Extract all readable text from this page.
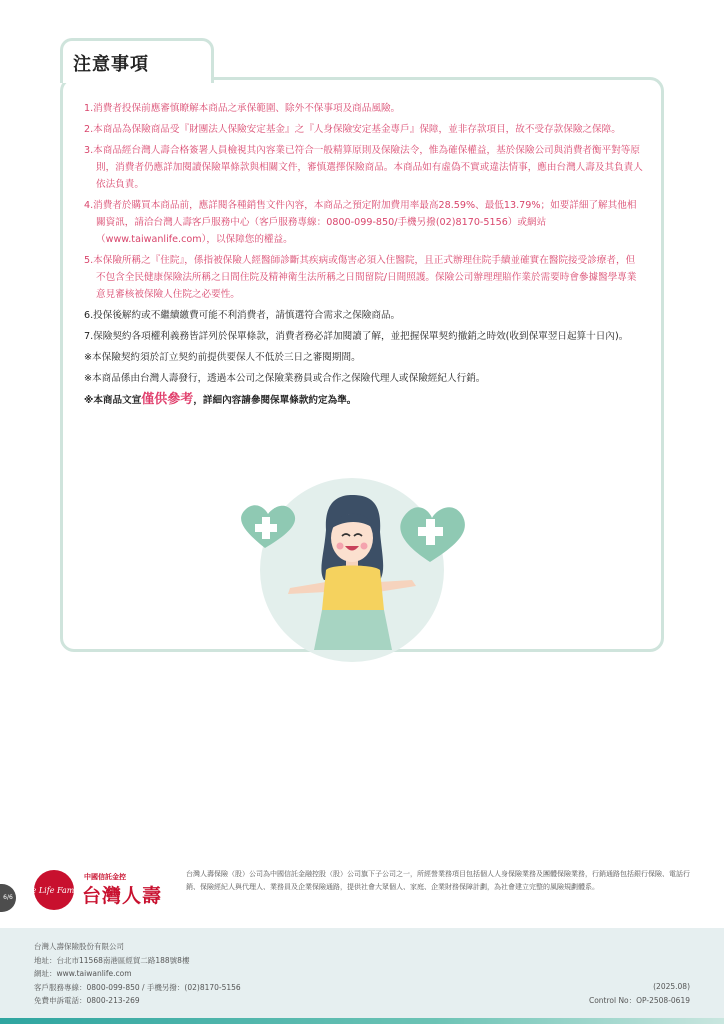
注意事項

1.消費者投保前應審慎瞭解本商品之承保範圍、除外不保事項及商品風險。

2.本商品為保險商品受『財團法人保險安定基金』之『人身保險安定基金專戶』保障，並非存款項目，故不受存款保險之保障。

3.本商品經台灣人壽合格簽署人員檢視其內容業已符合一般精算原則及保險法令，惟為確保權益，基於保險公司與消費者衡平對等原則，消費者仍應詳加閱讀保險單條款與相關文件，審慎選擇保險商品。本商品如有虛偽不實或違法情事，應由台灣人壽及其負責人依法負責。

4.消費者於購買本商品前，應詳閱各種銷售文件內容，本商品之預定附加費用率最高28.59%、最低13.79%；如要詳細了解其他相關資訊，請洽台灣人壽客戶服務中心（客戶服務專線：0800-099-850/手機另撥(02)8170-5156）或網站（www.taiwanlife.com），以保障您的權益。

5.本保險所稱之『住院』，係指被保險人經醫師診斷其疾病或傷害必須入住醫院，且正式辦理住院手續並確實在醫院接受診療者，但不包含全民健康保險法所稱之日間住院及精神衛生法所稱之日間留院/日間照護。保險公司辦理理賠作業於需要時會參據醫學專業意見審核被保險人住院之必要性。

6.投保後解約或不繼續繳費可能不利消費者，請慎選符合需求之保險商品。

7.保險契約各項權利義務皆詳列於保單條款，消費者務必詳加閱讀了解，並把握保單契約撤銷之時效(收到保單翌日起算十日內)。

※本保險契約須於訂立契約前提供要保人不低於三日之審閱期間。

※本商品係由台灣人壽發行，透過本公司之保險業務員或合作之保險代理人或保險經紀人行銷。

※本商品文宣僅供參考，詳細內容請參閱保單條款約定為準。

6/6
We Life Family
中國信託金控
台灣人壽
台灣人壽保險（股）公司為中國信託金融控股（股）公司旗下子公司之一，所經營業務項目包括個人人身保險業務及團體保險業務，行銷通路包括銀行保險、電話行銷、保險經紀人與代理人、業務員及企業保險通路，提供社會大眾個人、家庭、企業財務保障計劃，為社會建立完整的風險規劃體系。
台灣人壽保險股份有限公司
地址：台北市11568南港區經貿二路188號8樓
網址：www.taiwanlife.com
客戶服務專線：0800-099-850 / 手機另撥：(02)8170-5156
免費申訴電話：0800-213-269
(2025.08)
Control No：OP-2508-0619
